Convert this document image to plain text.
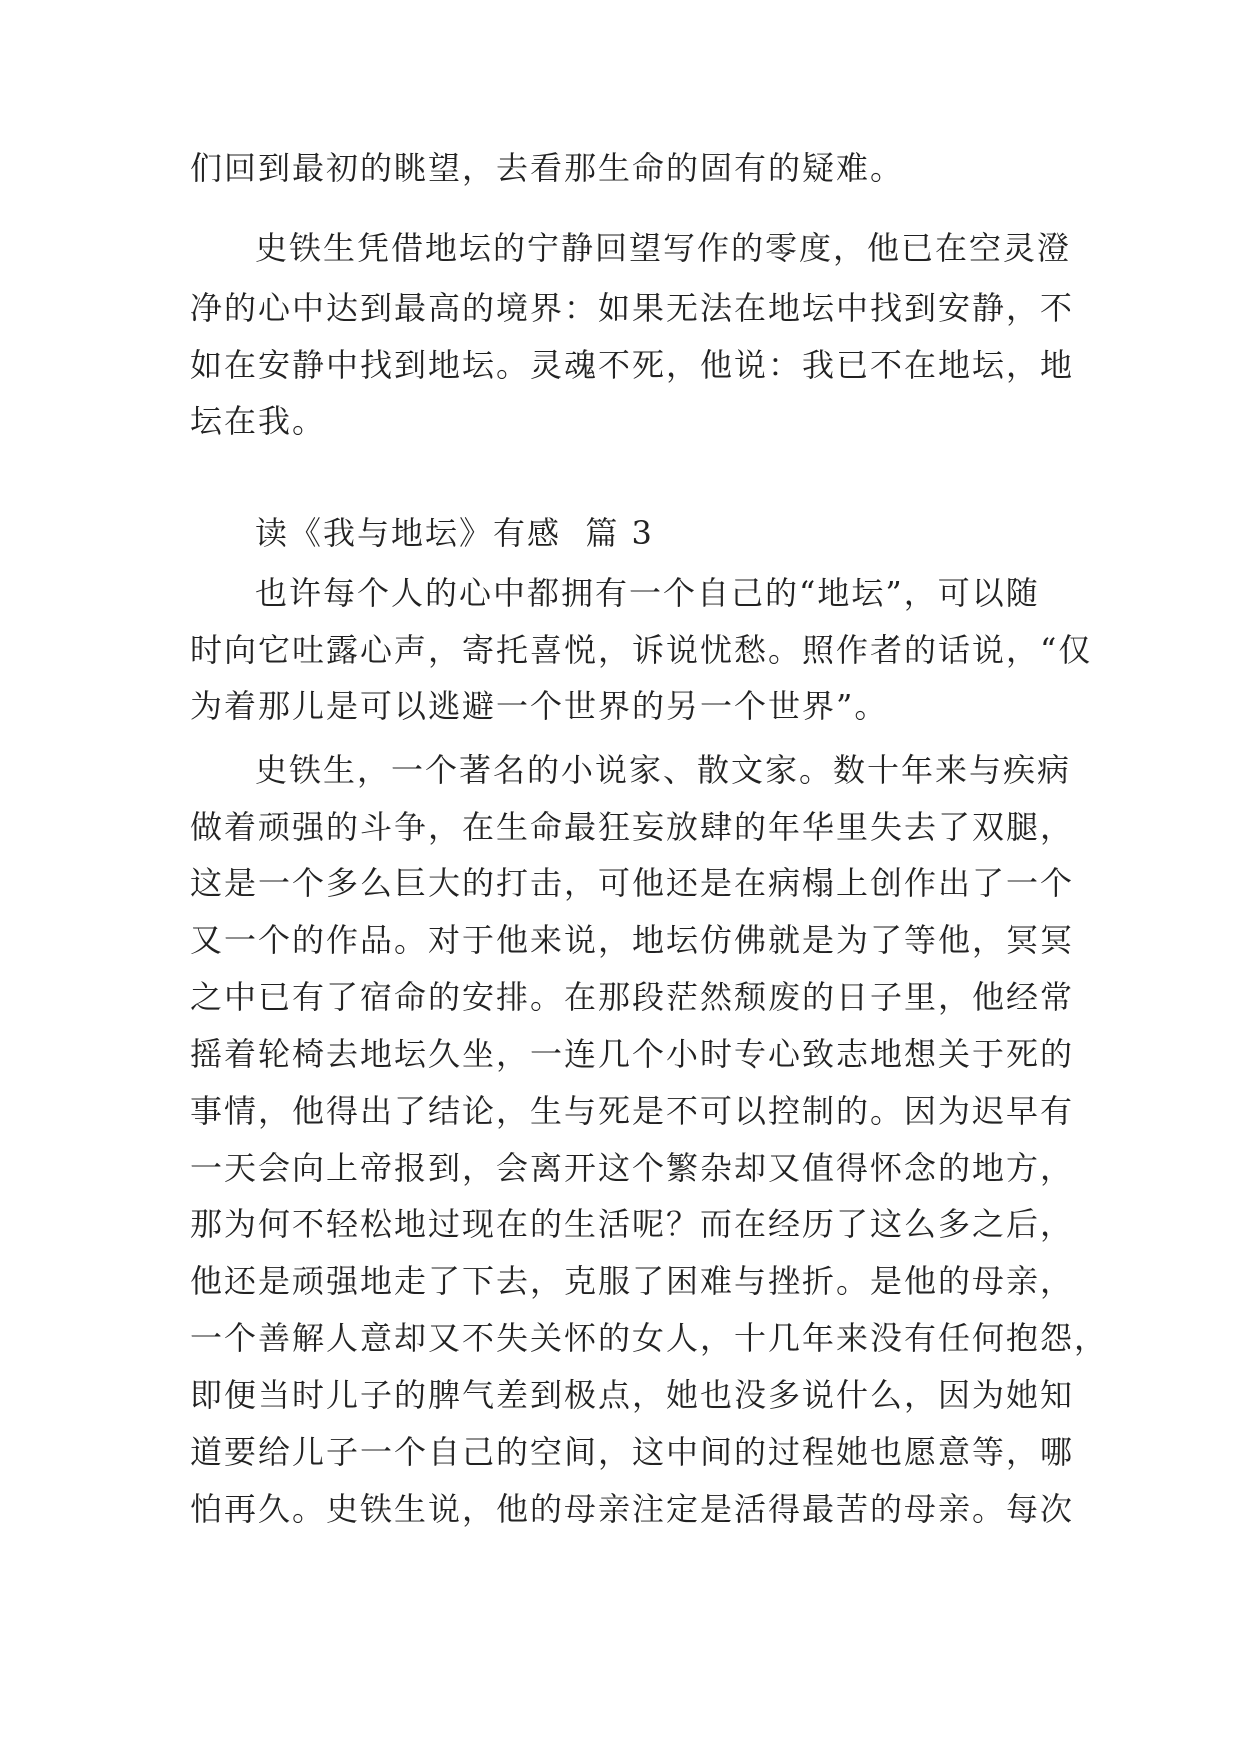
们回到最初的眺望，去看那生命的固有的疑难。
史铁生凭借地坛的宁静回望写作的零度，他已在空灵澄
净的心中达到最高的境界：如果无法在地坛中找到安静，不
如在安静中找到地坛。灵魂不死，他说：我已不在地坛，地
坛在我。
读《我与地坛》有感  篇 3
也许每个人的心中都拥有一个自己的“地坛”，可以随
时向它吐露心声，寄托喜悦，诉说忧愁。照作者的话说，“仅
为着那儿是可以逃避一个世界的另一个世界”。
史铁生，一个著名的小说家、散文家。数十年来与疾病
做着顽强的斗争，在生命最狂妄放肆的年华里失去了双腿，
这是一个多么巨大的打击，可他还是在病榻上创作出了一个
又一个的作品。对于他来说，地坛仿佛就是为了等他，冥冥
之中已有了宿命的安排。在那段茫然颓废的日子里，他经常
摇着轮椅去地坛久坐，一连几个小时专心致志地想关于死的
事情，他得出了结论，生与死是不可以控制的。因为迟早有
一天会向上帝报到，会离开这个繁杂却又值得怀念的地方，
那为何不轻松地过现在的生活呢？而在经历了这么多之后，
他还是顽强地走了下去，克服了困难与挫折。是他的母亲，
一个善解人意却又不失关怀的女人，十几年来没有任何抱怨，
即便当时儿子的脾气差到极点，她也没多说什么，因为她知
道要给儿子一个自己的空间，这中间的过程她也愿意等，哪
怕再久。史铁生说，他的母亲注定是活得最苦的母亲。每次
